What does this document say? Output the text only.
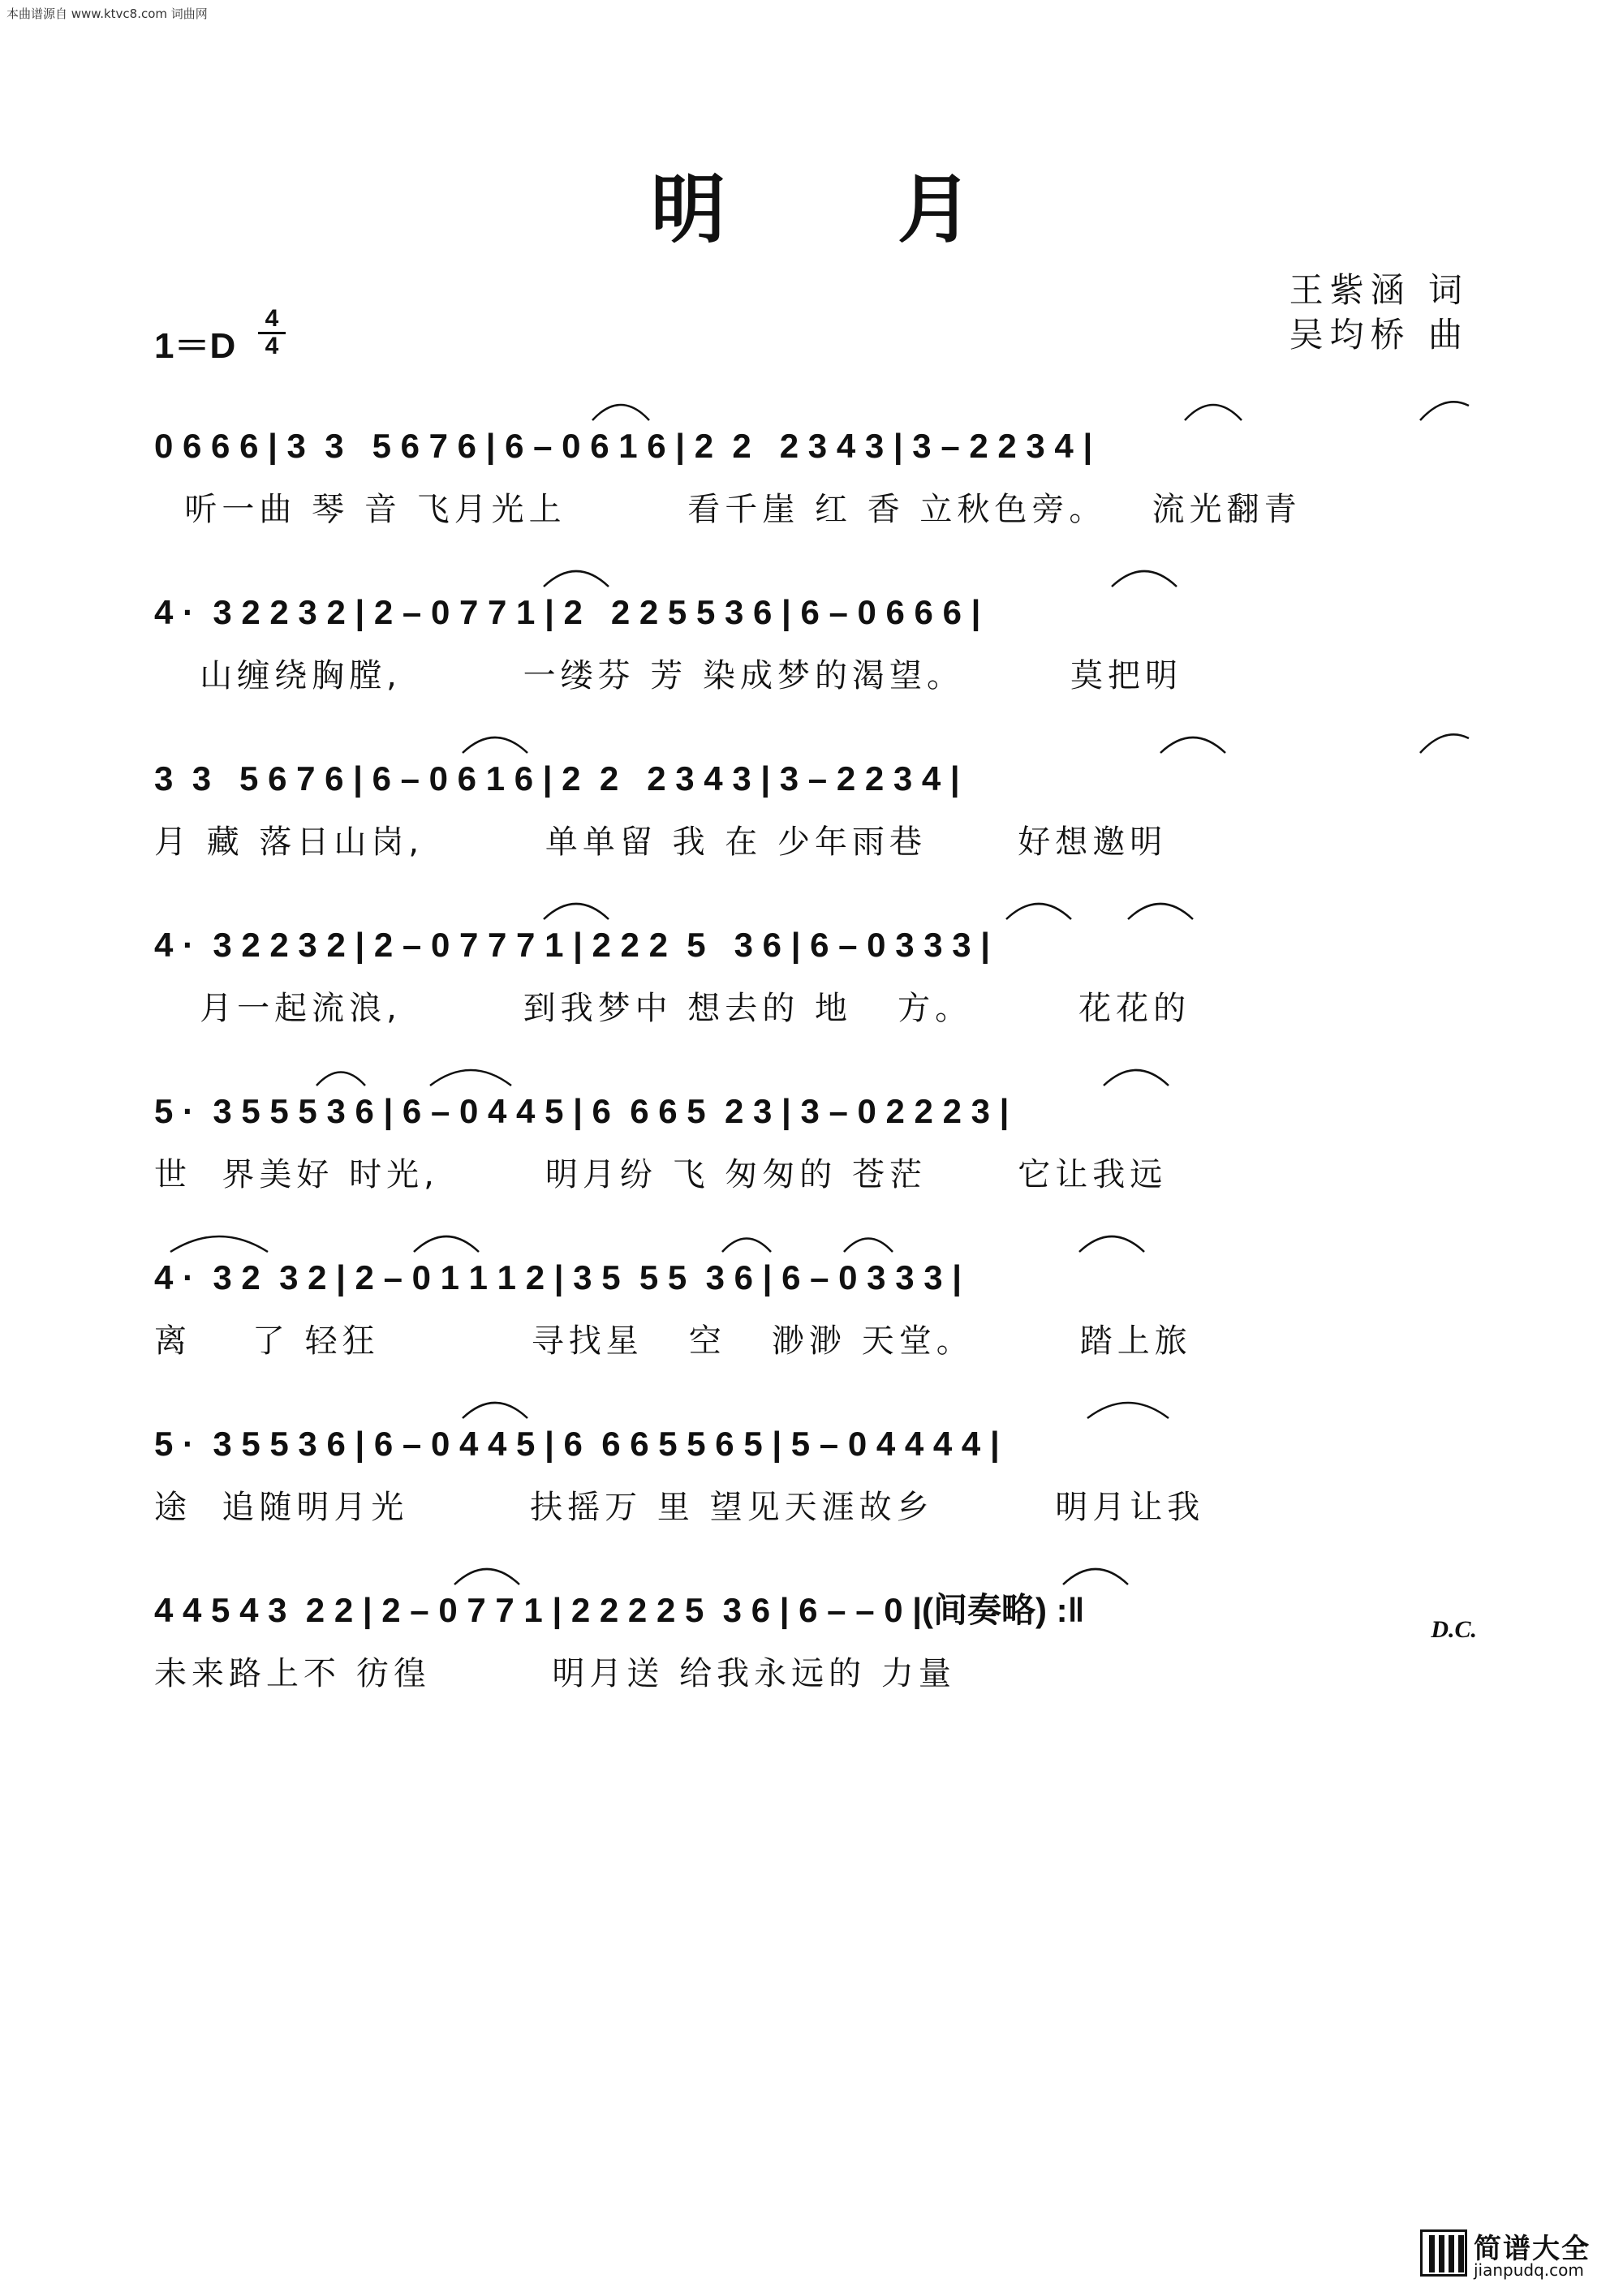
本曲谱源自 www.ktvc8.com 词曲网
明 月
王紫涵 词
吴均桥 曲
1＝D
4
4
0 6 6 6 | 3  3   5 6 7 6 | 6 – 0 6 1 6 | 2  2   2 3 4 3 | 3 – 2 2 3 4 |
听一曲 琴 音 飞月光上        看千崖 红 香 立秋色旁。   流光翻青
4 ·  3 2 2 3 2 | 2 – 0 7 7 1 | 2   2 2 5 5 3 6 | 6 – 0 6 6 6 |
山缠绕胸膛,        一缕芬 芳 染成梦的渴望。       莫把明
3  3   5 6 7 6 | 6 – 0 6 1 6 | 2  2   2 3 4 3 | 3 – 2 2 3 4 |
月 藏 落日山岗,        单单留 我 在 少年雨巷      好想邀明
4 ·  3 2 2 3 2 | 2 – 0 7 7 7 1 | 2 2 2  5   3 6 | 6 – 0 3 3 3 |
月一起流浪,        到我梦中 想去的 地   方。       花花的
5 ·  3 5 5 5 3 6 | 6 – 0 4 4 5 | 6  6 6 5  2 3 | 3 – 0 2 2 2 3 |
世  界美好 时光,       明月纷 飞 匆匆的 苍茫      它让我远
4 ·  3 2  3 2 | 2 – 0 1 1 1 2 | 3 5  5 5  3 6 | 6 – 0 3 3 3 |
离    了 轻狂          寻找星   空   渺渺 天堂。       踏上旅
5 ·  3 5 5 3 6 | 6 – 0 4 4 5 | 6  6 6 5 5 6 5 | 5 – 0 4 4 4 4 |
途  追随明月光        扶摇万 里 望见天涯故乡        明月让我
4 4 5 4 3  2 2 | 2 – 0 7 7 1 | 2 2 2 2 5  3 6 | 6 – – 0 |(间奏略) :‖
未来路上不 彷徨        明月送 给我永远的 力量
D.C.
简谱大全
jianpudq.com
